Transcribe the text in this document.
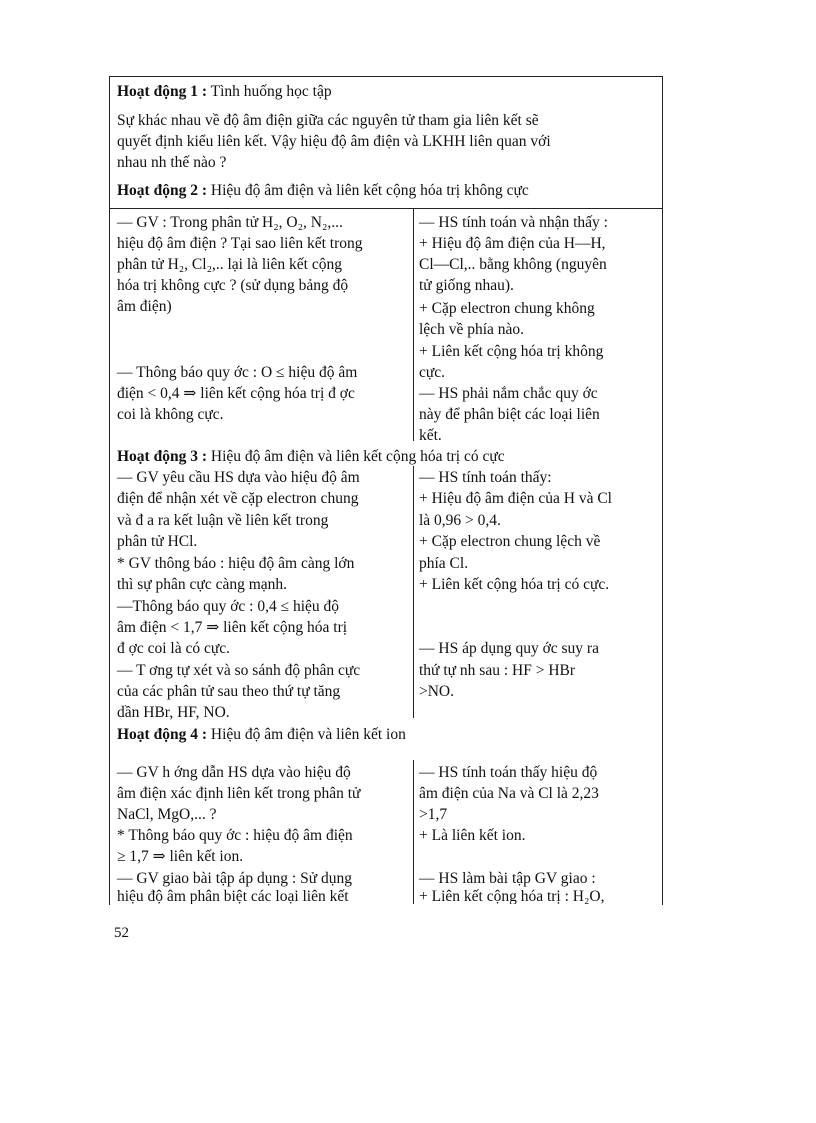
Hoạt động 1 : Tình huống học tập
Sự khác nhau về độ âm điện giữa các nguyên tử tham gia liên kết sẽ
quyết định kiểu liên kết. Vậy hiệu độ âm điện và LKHH liên quan với
nhau nh thế nào ?
Hoạt động 2 : Hiệu độ âm điện và liên kết cộng hóa trị không cực
— GV : Trong phân tử H₂, O₂, N₂,...
hiệu độ âm điện ? Tại sao liên kết trong
phân tử H₂, Cl₂,.. lại là liên kết cộng
hóa trị không cực ? (sử dụng bảng độ
âm điện)
— Thông báo quy ớc : O ≤ hiệu độ âm
điện < 0,4 ⇒ liên kết cộng hóa trị đ ợc
coi là không cực.
— HS tính toán và nhận thấy :
+ Hiệu độ âm điện của H—H,
Cl—Cl,.. bằng không (nguyên
tử giống nhau).
+ Cặp electron chung không
lệch về phía nào.
+ Liên kết cộng hóa trị không
cực.
— HS phải nắm chắc quy ớc
này để phân biệt các loại liên
kết.
Hoạt động 3 : Hiệu độ âm điện và liên kết cộng hóa trị có cực
— GV yêu cầu HS dựa vào hiệu độ âm
điện để nhận xét về cặp electron chung
và đ a ra kết luận về liên kết trong
phân tử HCl.
* GV thông báo : hiệu độ âm càng lớn
thì sự phân cực càng mạnh.
—Thông báo quy ớc : 0,4 ≤ hiệu độ
âm điện < 1,7 ⇒ liên kết cộng hóa trị
đ ợc coi là có cực.
— T ơng tự xét và so sánh độ phân cực
của các phân tử sau theo thứ tự tăng
dần HBr, HF, NO.
— HS tính toán thấy:
+ Hiệu độ âm điện của H và Cl
là 0,96 > 0,4.
+ Cặp electron chung lệch về
phía Cl.
+ Liên kết cộng hóa trị có cực.
— HS áp dụng quy ớc suy ra
thứ tự nh sau : HF > HBr
>NO.
Hoạt động 4 : Hiệu độ âm điện và liên kết ion
— GV h ớng dẫn HS dựa vào hiệu độ
âm điện xác định liên kết trong phân tử
NaCl, MgO,... ?
* Thông báo quy ớc : hiệu độ âm điện
≥ 1,7 ⇒ liên kết ion.
— GV giao bài tập áp dụng : Sử dụng
hiệu độ âm phân biệt các loại liên kết
— HS tính toán thấy hiệu độ
âm điện của Na và Cl là 2,23
>1,7
+ Là liên kết ion.
— HS làm bài tập GV giao :
+ Liên kết cộng hóa trị : H₂O,
52
